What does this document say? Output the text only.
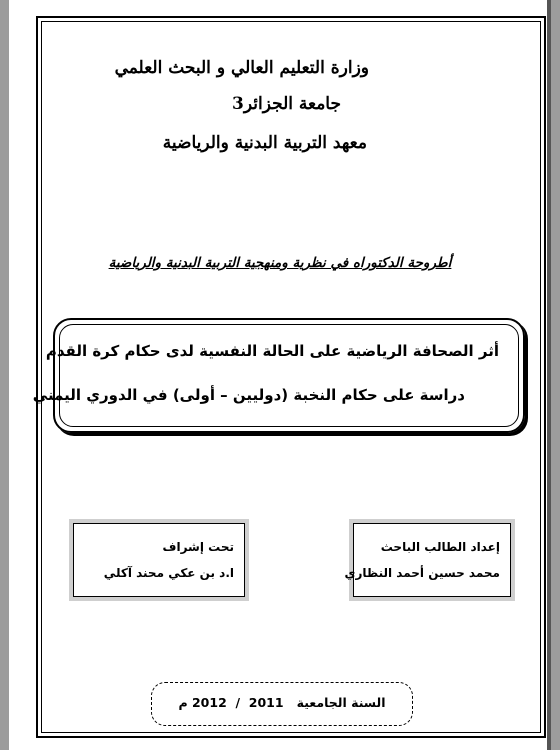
وزارة التعليم العالي و البحث العلمي
جامعة الجزائر3
معهد التربية البدنية والرياضية
أطروحة الدكتوراه في نظرية ومنهجية التربية البدنية والرياضية
أثر الصحافة الرياضية على الحالة النفسية لدى حكام كرة القدم
دراسة على حكام النخبة (دوليين – أولى) في الدوري اليمني
تحت إشراف
ا.د بن عكي محند آكلي
إعداد الطالب الباحث
محمد حسين أحمد النظاري
السنة الجامعية   2011  /  2012 م
